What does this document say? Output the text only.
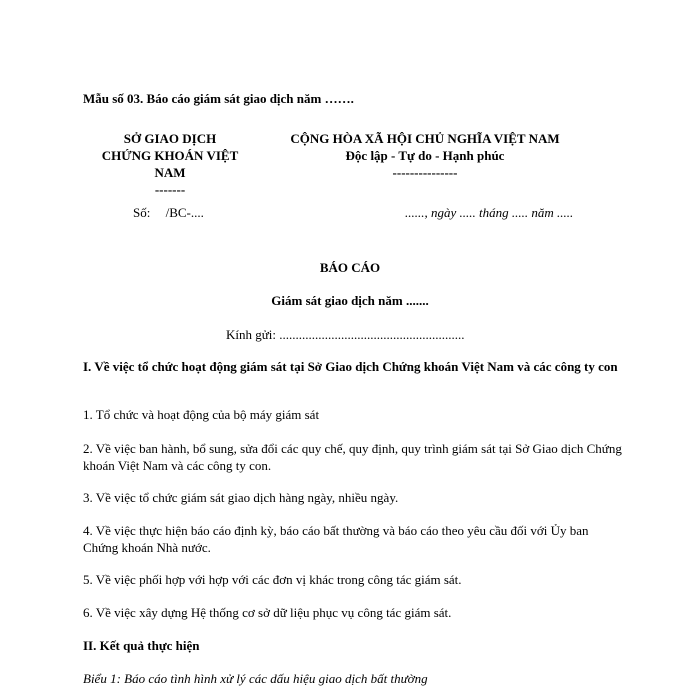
Mẫu số 03. Báo cáo giám sát giao dịch năm …….
SỞ GIAO DỊCH
CHỨNG KHOÁN VIỆT
NAM
-------
Số: /BC-....
CỘNG HÒA XÃ HỘI CHỦ NGHĨA VIỆT NAM
Độc lập - Tự do - Hạnh phúc
---------------
......, ngày ..... tháng ..... năm .....
BÁO CÁO
Giám sát giao dịch năm .......
Kính gửi: .........................................................
I. Về việc tổ chức hoạt động giám sát tại Sở Giao dịch Chứng khoán Việt Nam và các công ty con
1. Tổ chức và hoạt động của bộ máy giám sát
2. Về việc ban hành, bổ sung, sửa đổi các quy chế, quy định, quy trình giám sát tại Sở Giao dịch Chứng khoán Việt Nam và các công ty con.
3. Về việc tổ chức giám sát giao dịch hàng ngày, nhiều ngày.
4. Về việc thực hiện báo cáo định kỳ, báo cáo bất thường và báo cáo theo yêu cầu đối với Ủy ban Chứng khoán Nhà nước.
5. Về việc phối hợp với hợp với các đơn vị khác trong công tác giám sát.
6. Về việc xây dựng Hệ thống cơ sở dữ liệu phục vụ công tác giám sát.
II. Kết quả thực hiện
Biểu 1: Báo cáo tình hình xử lý các dấu hiệu giao dịch bất thường
